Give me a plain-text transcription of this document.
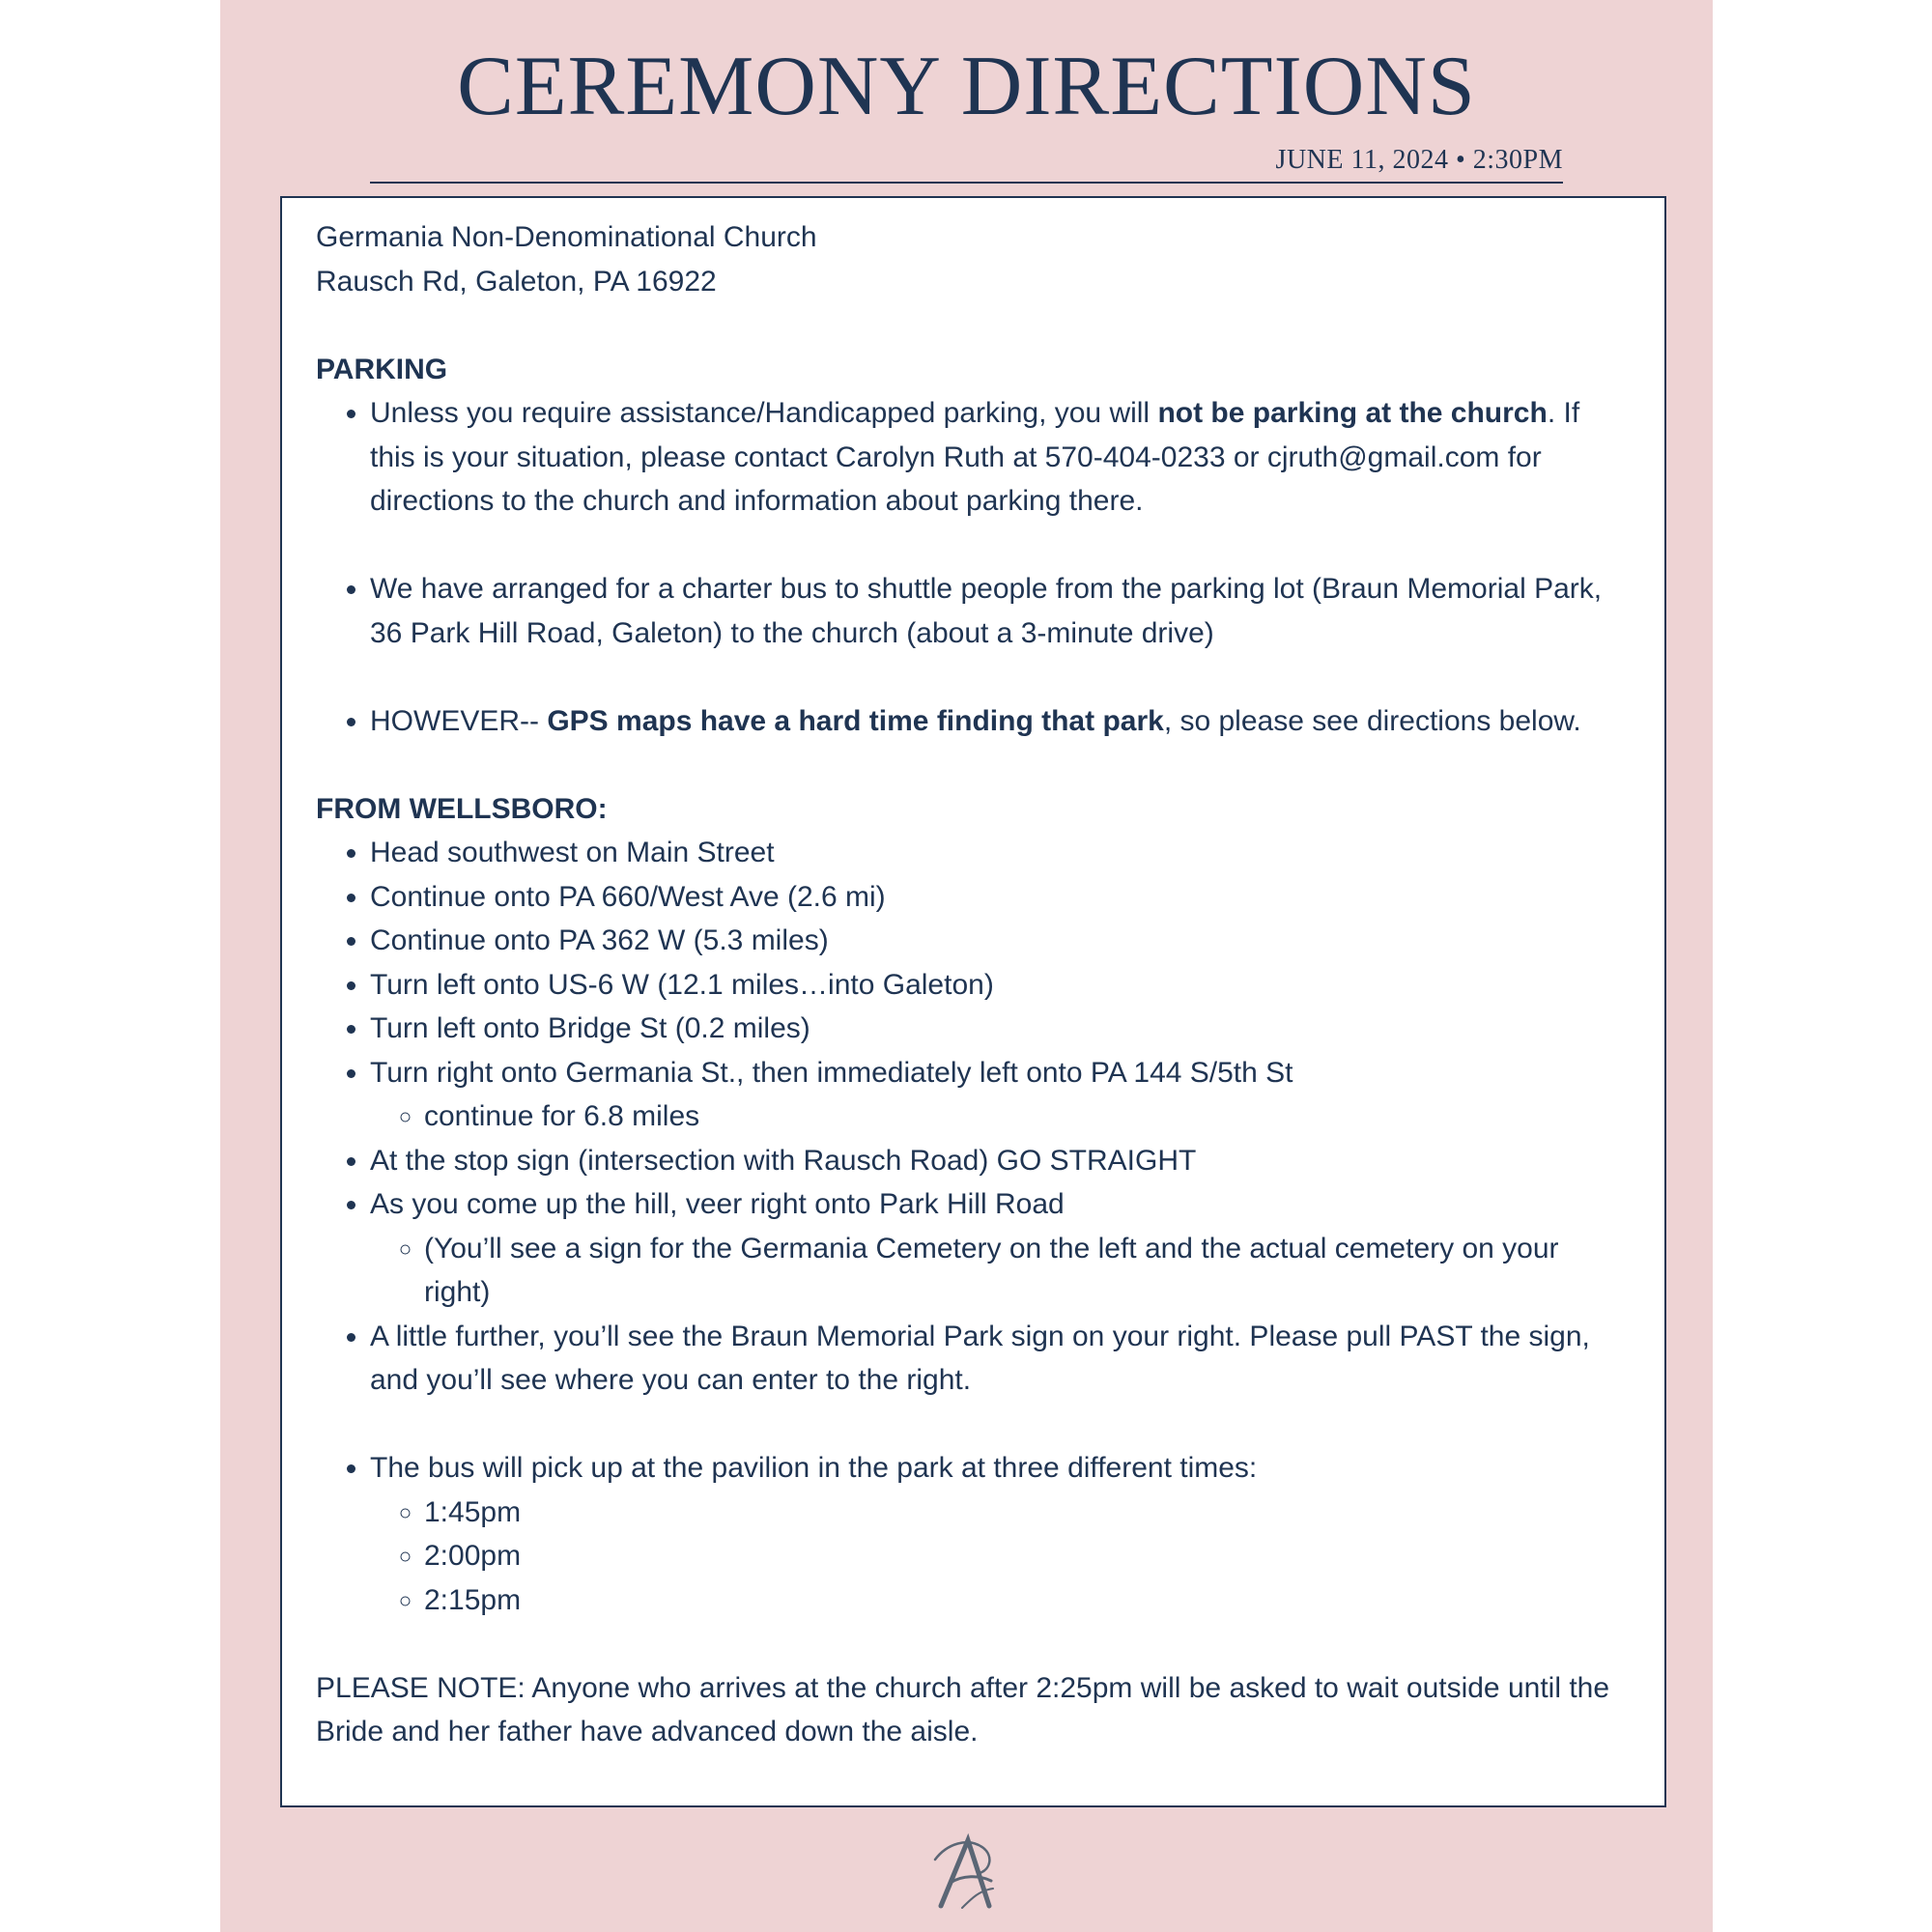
CEREMONY DIRECTIONS
JUNE 11, 2024 • 2:30PM

Germania Non-Denominational Church

Rausch Rd, Galeton, PA 16922

PARKING

• Unless you require assistance/Handicapped parking, you will not be parking at the church. If this is your situation, please contact Carolyn Ruth at 570-404-0233 or cjruth@gmail.com for directions to the church and information about parking there.
• We have arranged for a charter bus to shuttle people from the parking lot (Braun Memorial Park, 36 Park Hill Road, Galeton) to the church (about a 3-minute drive)
• HOWEVER-- GPS maps have a hard time finding that park, so please see directions below.

FROM WELLSBORO:

• Head southwest on Main Street
• Continue onto PA 660/West Ave (2.6 mi)
• Continue onto PA 362 W (5.3 miles)
• Turn left onto US-6 W (12.1 miles…into Galeton)
• Turn left onto Bridge St (0.2 miles)
• Turn right onto Germania St., then immediately left onto PA 144 S/5th St
◦ continue for 6.8 miles
• At the stop sign (intersection with Rausch Road) GO STRAIGHT
• As you come up the hill, veer right onto Park Hill Road
◦ (You’ll see a sign for the Germania Cemetery on the left and the actual cemetery on your right)
• A little further, you’ll see the Braun Memorial Park sign on your right. Please pull PAST the sign, and you’ll see where you can enter to the right.
• The bus will pick up at the pavilion in the park at three different times:
◦ 1:45pm
◦ 2:00pm
◦ 2:15pm

PLEASE NOTE: Anyone who arrives at the church after 2:25pm will be asked to wait outside until the Bride and her father have advanced down the aisle.
